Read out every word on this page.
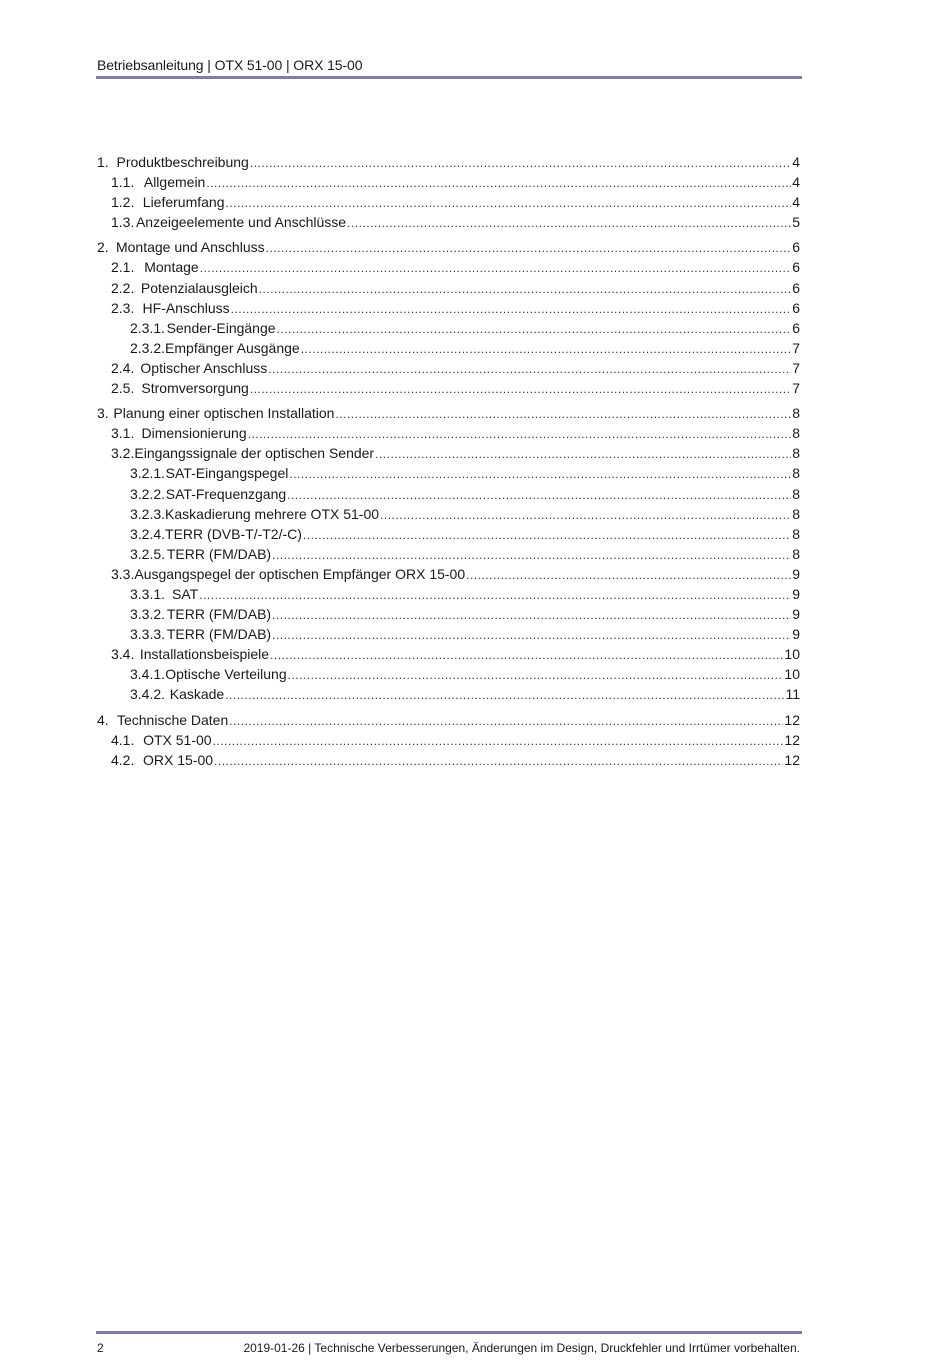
Betriebsanleitung | OTX 51-00 | ORX 15-00
1. Produktbeschreibung .....	4
1.1. Allgemein .....	4
1.2. Lieferumfang .....	4
1.3. Anzeigeelemente und Anschlüsse .....	5
2. Montage und Anschluss .....	6
2.1. Montage .....	6
2.2. Potenzialausgleich .....	6
2.3. HF-Anschluss .....	6
2.3.1. Sender-Eingänge .....	6
2.3.2. Empfänger Ausgänge .....	7
2.4. Optischer Anschluss .....	7
2.5. Stromversorgung .....	7
3. Planung einer optischen Installation .....	8
3.1. Dimensionierung .....	8
3.2. Eingangssignale der optischen Sender .....	8
3.2.1. SAT-Eingangspegel .....	8
3.2.2. SAT-Frequenzgang .....	8
3.2.3. Kaskadierung mehrere OTX 51-00 .....	8
3.2.4. TERR (DVB-T/-T2/-C) .....	8
3.2.5. TERR (FM/DAB) .....	8
3.3. Ausgangspegel der optischen Empfänger ORX 15-00 .....	9
3.3.1. SAT .....	9
3.3.2. TERR (FM/DAB) .....	9
3.3.3. TERR (FM/DAB) .....	9
3.4. Installationsbeispiele .....	10
3.4.1. Optische Verteilung .....	10
3.4.2. Kaskade .....	11
4. Technische Daten .....	12
4.1. OTX 51-00 .....	12
4.2. ORX 15-00 .....	12
2	2019-01-26 | Technische Verbesserungen, Änderungen im Design, Druckfehler und Irrtümer vorbehalten.
